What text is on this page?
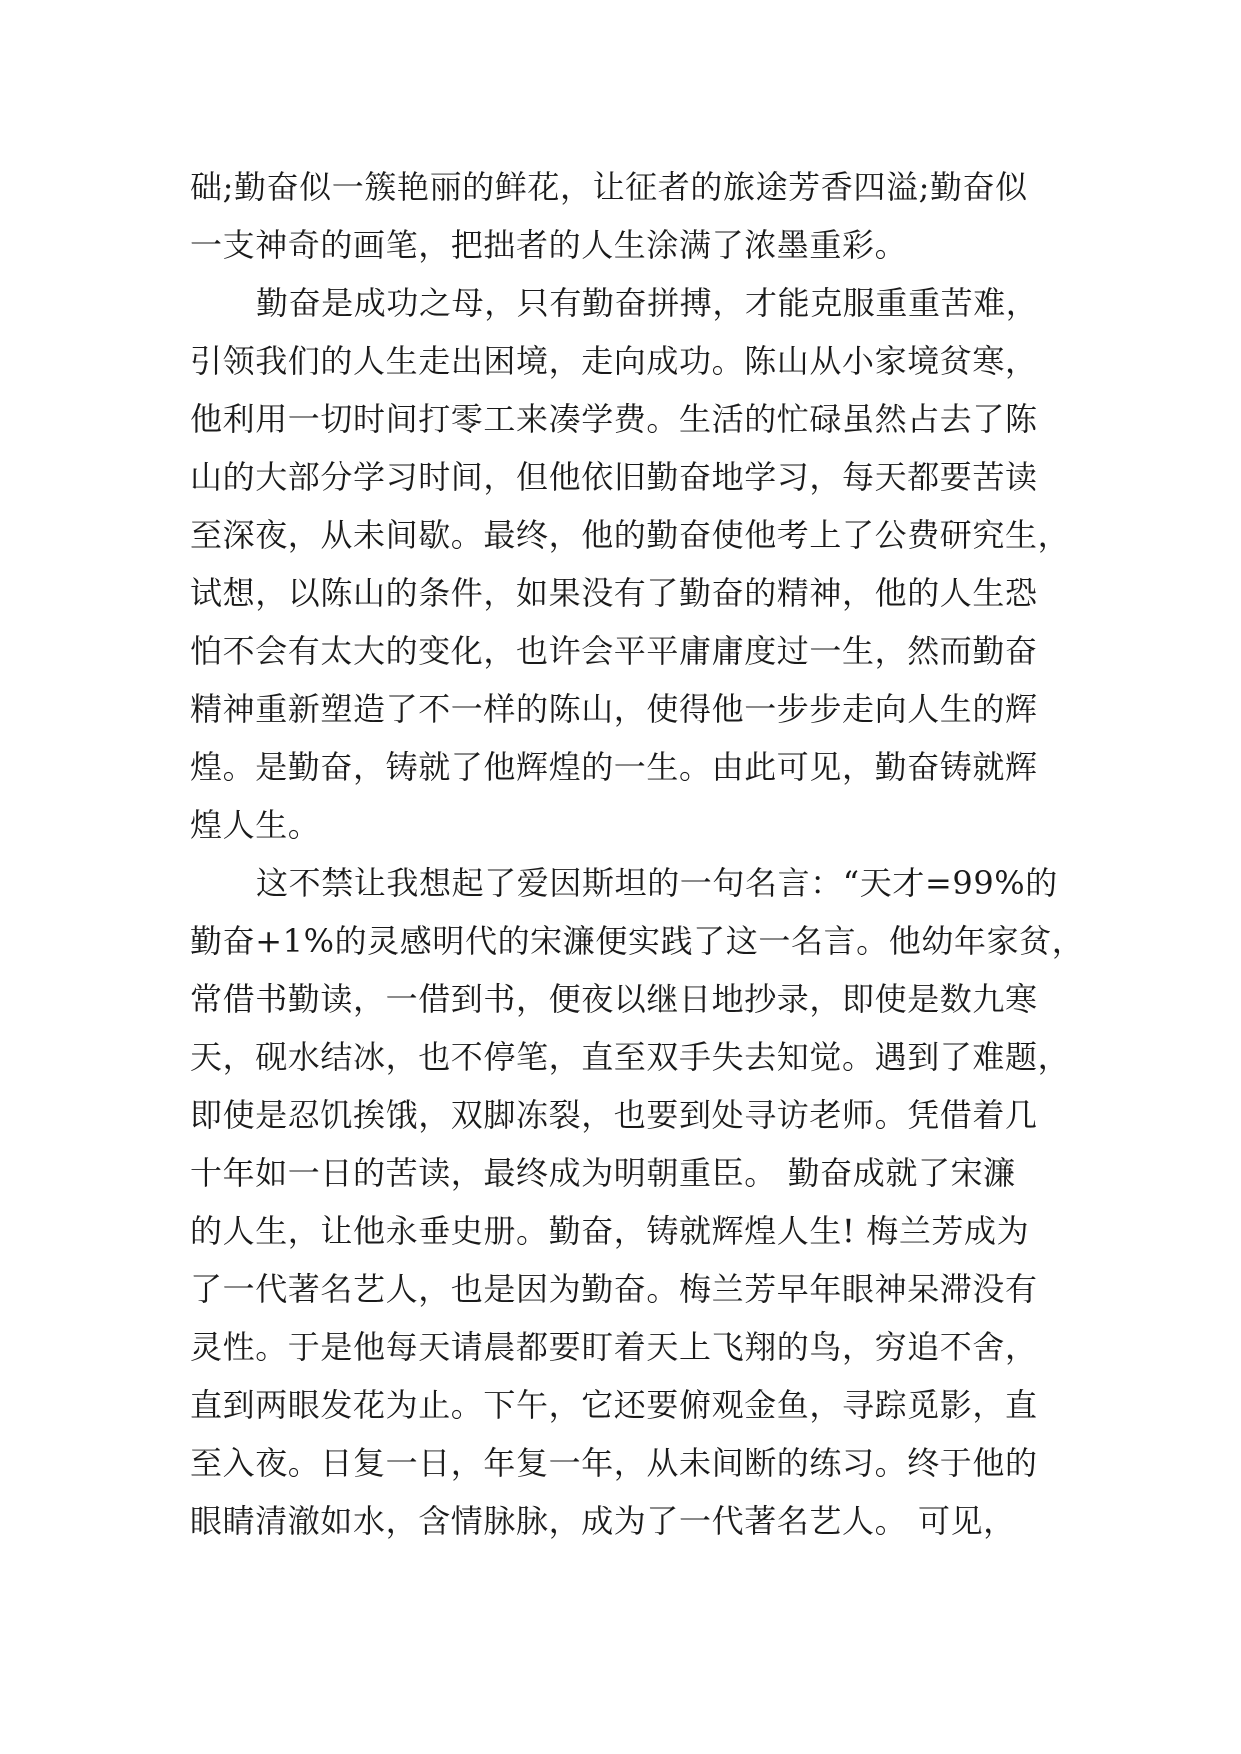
础;勤奋似一簇艳丽的鲜花，让征者的旅途芳香四溢;勤奋似
一支神奇的画笔，把拙者的人生涂满了浓墨重彩。
勤奋是成功之母，只有勤奋拼搏，才能克服重重苦难，
引领我们的人生走出困境，走向成功。陈山从小家境贫寒，
他利用一切时间打零工来凑学费。生活的忙碌虽然占去了陈
山的大部分学习时间，但他依旧勤奋地学习，每天都要苦读
至深夜，从未间歇。最终，他的勤奋使他考上了公费研究生，
试想，以陈山的条件，如果没有了勤奋的精神，他的人生恐
怕不会有太大的变化，也许会平平庸庸度过一生，然而勤奋
精神重新塑造了不一样的陈山，使得他一步步走向人生的辉
煌。是勤奋，铸就了他辉煌的一生。由此可见，勤奋铸就辉
煌人生。
这不禁让我想起了爱因斯坦的一句名言：“天才=99%的
勤奋+1%的灵感明代的宋濂便实践了这一名言。他幼年家贫，
常借书勤读，一借到书，便夜以继日地抄录，即使是数九寒
天，砚水结冰，也不停笔，直至双手失去知觉。遇到了难题，
即使是忍饥挨饿，双脚冻裂，也要到处寻访老师。凭借着几
十年如一日的苦读，最终成为明朝重臣。 勤奋成就了宋濂
的人生，让他永垂史册。勤奋，铸就辉煌人生! 梅兰芳成为
了一代著名艺人，也是因为勤奋。梅兰芳早年眼神呆滞没有
灵性。于是他每天请晨都要盯着天上飞翔的鸟，穷追不舍，
直到两眼发花为止。下午，它还要俯观金鱼，寻踪觅影，直
至入夜。日复一日，年复一年，从未间断的练习。终于他的
眼睛清澈如水，含情脉脉，成为了一代著名艺人。 可见，
